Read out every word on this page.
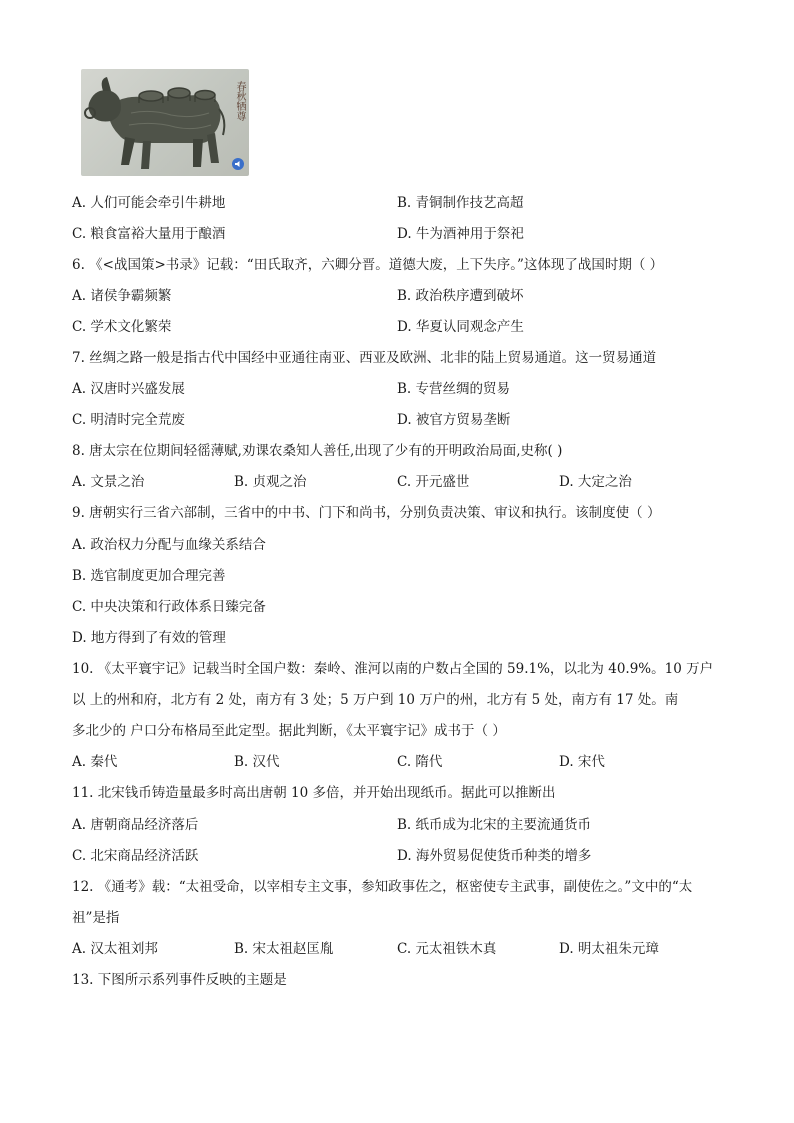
春秋牺尊
A. 人们可能会牵引牛耕地	B. 青铜制作技艺高超
C. 粮食富裕大量用于酿酒	D. 牛为酒神用于祭祀
6. 《<战国策>书录》记载：“田氏取齐，六卿分晋。道德大废，上下失序。”这体现了战国时期（ ）
A. 诸侯争霸频繁	B. 政治秩序遭到破坏
C. 学术文化繁荣	D. 华夏认同观念产生
7. 丝绸之路一般是指古代中国经中亚通往南亚、西亚及欧洲、北非的陆上贸易通道。这一贸易通道
A. 汉唐时兴盛发展	B. 专营丝绸的贸易
C. 明清时完全荒废	D. 被官方贸易垄断
8. 唐太宗在位期间轻徭薄赋,劝课农桑知人善任,出现了少有的开明政治局面,史称( )
A. 文景之治	B. 贞观之治	C. 开元盛世	D. 大定之治
9. 唐朝实行三省六部制，三省中的中书、门下和尚书，分别负责决策、审议和执行。该制度使（ ）
A. 政治权力分配与血缘关系结合
B. 选官制度更加合理完善
C. 中央决策和行政体系日臻完备
D. 地方得到了有效的管理
10. 《太平寰宇记》记载当时全国户数：秦岭、淮河以南的户数占全国的 59.1%，以北为 40.9%。10 万户
以 上的州和府，北方有 2 处，南方有 3 处；5 万户到 10 万户的州，北方有 5 处，南方有 17 处。南
多北少的 户口分布格局至此定型。据此判断，《太平寰宇记》成书于（ ）
A. 秦代	B. 汉代	C. 隋代	D. 宋代
11. 北宋钱币铸造量最多时高出唐朝 10 多倍，并开始出现纸币。据此可以推断出
A. 唐朝商品经济落后	B. 纸币成为北宋的主要流通货币
C. 北宋商品经济活跃	D. 海外贸易促使货币种类的增多
12. 《通考》载：“太祖受命，以宰相专主文事，参知政事佐之，枢密使专主武事，副使佐之。”文中的“太
祖”是指
A. 汉太祖刘邦	B. 宋太祖赵匡胤	C. 元太祖铁木真	D. 明太祖朱元璋
13. 下图所示系列事件反映的主题是
